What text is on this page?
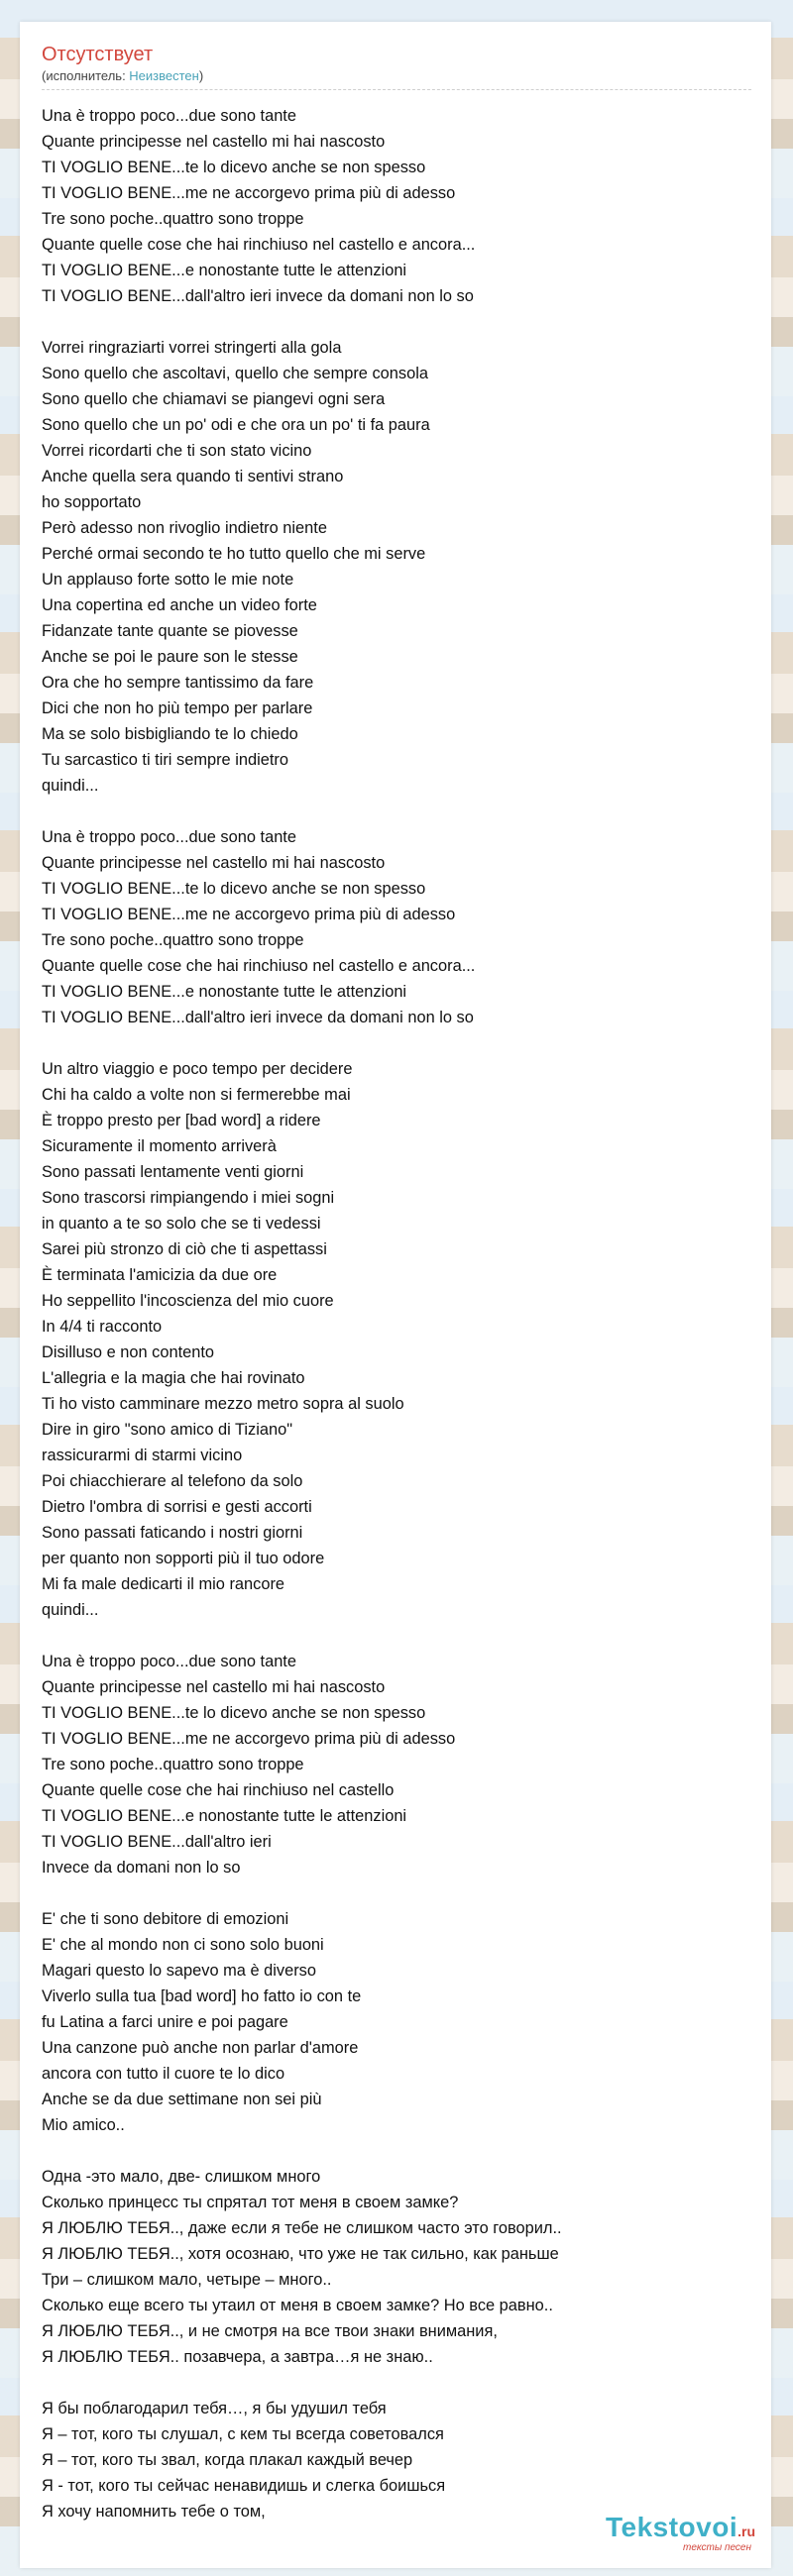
Отсутствует
(исполнитель: Неизвестен)
Una è troppo poco...due sono tante
Quante principesse nel castello mi hai nascosto
TI VOGLIO BENE...te lo dicevo anche se non spesso
TI VOGLIO BENE...me ne accorgevo prima più di adesso
Tre sono poche..quattro sono troppe
Quante quelle cose che hai rinchiuso nel castello e ancora...
TI VOGLIO BENE...e nonostante tutte le attenzioni
TI VOGLIO BENE...dall'altro ieri invece da domani non lo so
Vorrei ringraziarti vorrei stringerti alla gola
Sono quello che ascoltavi, quello che sempre consola
Sono quello che chiamavi se piangevi ogni sera
Sono quello che un po' odi e che ora un po' ti fa paura
Vorrei ricordarti che ti son stato vicino
Anche quella sera quando ti sentivi strano
ho sopportato
Però adesso non rivoglio indietro niente
Perché ormai secondo te ho tutto quello che mi serve
Un applauso forte sotto le mie note
Una copertina ed anche un video forte
Fidanzate tante quante se piovesse
Anche se poi le paure son le stesse
Ora che ho sempre tantissimo da fare
Dici che non ho più tempo per parlare
Ma se solo bisbigliando te lo chiedo
Tu sarcastico ti tiri sempre indietro
quindi...
Una è troppo poco...due sono tante
Quante principesse nel castello mi hai nascosto
TI VOGLIO BENE...te lo dicevo anche se non spesso
TI VOGLIO BENE...me ne accorgevo prima più di adesso
Tre sono poche..quattro sono troppe
Quante quelle cose che hai rinchiuso nel castello e ancora...
TI VOGLIO BENE...e nonostante tutte le attenzioni
TI VOGLIO BENE...dall'altro ieri invece da domani non lo so
Un altro viaggio e poco tempo per decidere
Chi ha caldo a volte non si fermerebbe mai
È troppo presto per [bad word] a ridere
Sicuramente il momento arriverà
Sono passati lentamente venti giorni
Sono trascorsi rimpiangendo i miei sogni
in quanto a te so solo che se ti vedessi
Sarei più stronzo di ciò che ti aspettassi
È terminata l'amicizia da due ore
Ho seppellito l'incoscienza del mio cuore
In 4/4 ti racconto
Disilluso e non contento
L'allegria e la magia che hai rovinato
Ti ho visto camminare mezzo metro sopra al suolo
Dire in giro "sono amico di Tiziano"
rassicurarmi di starmi vicino
Poi chiacchierare al telefono da solo
Dietro l'ombra di sorrisi e gesti accorti
Sono passati faticando i nostri giorni
per quanto non sopporti più il tuo odore
Mi fa male dedicarti il mio rancore
quindi...
Una è troppo poco...due sono tante
Quante principesse nel castello mi hai nascosto
TI VOGLIO BENE...te lo dicevo anche se non spesso
TI VOGLIO BENE...me ne accorgevo prima più di adesso
Tre sono poche..quattro sono troppe
Quante quelle cose che hai rinchiuso nel castello
TI VOGLIO BENE...e nonostante tutte le attenzioni
TI VOGLIO BENE...dall'altro ieri
Invece da domani non lo so
E' che ti sono debitore di emozioni
E' che al mondo non ci sono solo buoni
Magari questo lo sapevo ma è diverso
Viverlo sulla tua [bad word] ho fatto io con te
fu Latina a farci unire e poi pagare
Una canzone può anche non parlar d'amore
ancora con tutto il cuore te lo dico
Anche se da due settimane non sei più
Mio amico..
Одна -это мало, две- слишком много
Сколько принцесс ты спрятал тот меня в своем замке?
Я ЛЮБЛЮ ТЕБЯ.., даже если я тебе не слишком часто это говорил..
Я ЛЮБЛЮ ТЕБЯ.., хотя осознаю, что уже не так сильно, как раньше
Три – слишком мало, четыре – много..
Сколько еще всего ты утаил от меня в своем замке? Но все равно..
Я ЛЮБЛЮ ТЕБЯ.., и не смотря на все твои знаки внимания,
Я ЛЮБЛЮ ТЕБЯ.. позавчера, а завтра…я не знаю..
Я бы поблагодарил тебя…, я бы удушил тебя
Я – тот, кого ты слушал, с кем ты всегда советовался
Я – тот, кого ты звал, когда плакал каждый вечер
Я - тот, кого ты сейчас ненавидишь и слегка боишься
Я хочу напомнить тебе о том,	Tekstovoi.ru
тексты песен
